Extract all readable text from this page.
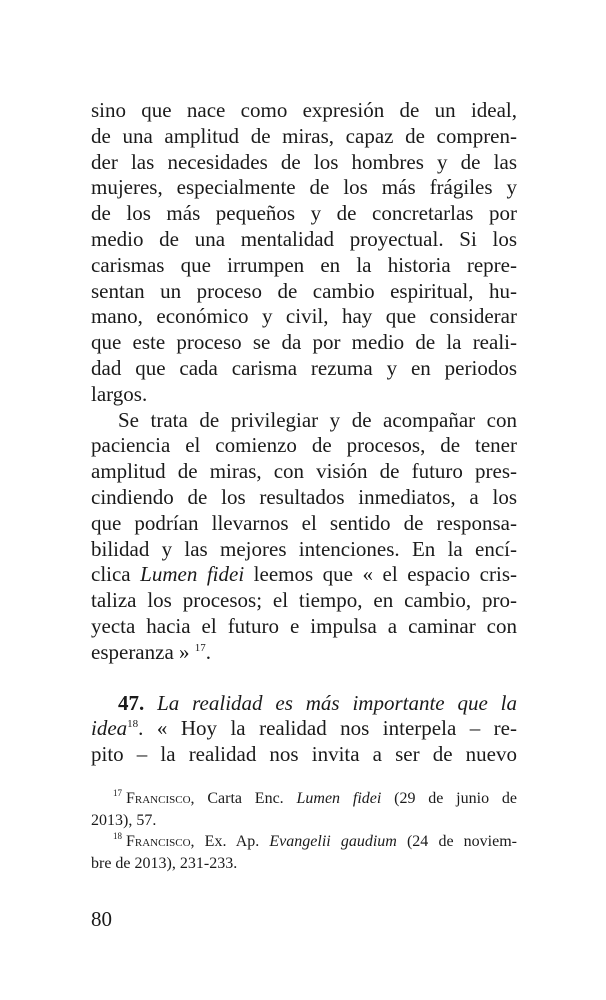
sino que nace como expresión de un ideal,
de una amplitud de miras, capaz de compren-
der las necesidades de los hombres y de las
mujeres, especialmente de los más frágiles y
de los más pequeños y de concretarlas por
medio de una mentalidad proyectual. Si los
carismas que irrumpen en la historia repre-
sentan un proceso de cambio espiritual, hu-
mano, económico y civil, hay que considerar
que este proceso se da por medio de la reali-
dad que cada carisma rezuma y en periodos
largos.
Se trata de privilegiar y de acompañar con
paciencia el comienzo de procesos, de tener
amplitud de miras, con visión de futuro pres-
cindiendo de los resultados inmediatos, a los
que podrían llevarnos el sentido de responsa-
bilidad y las mejores intenciones. En la encí-
clica Lumen fidei leemos que « el espacio cris-
taliza los procesos; el tiempo, en cambio, pro-
yecta hacia el futuro e impulsa a caminar con
esperanza » $^{17}$.
47. La realidad es más importante que la
idea$^{18}$. « Hoy la realidad nos interpela – re-
pito – la realidad nos invita a ser de nuevo
$^{17}$ Francisco, Carta Enc. Lumen fidei (29 de junio de
2013), 57.
$^{18}$ Francisco, Ex. Ap. Evangelii gaudium (24 de noviem-
bre de 2013), 231-233.
80
